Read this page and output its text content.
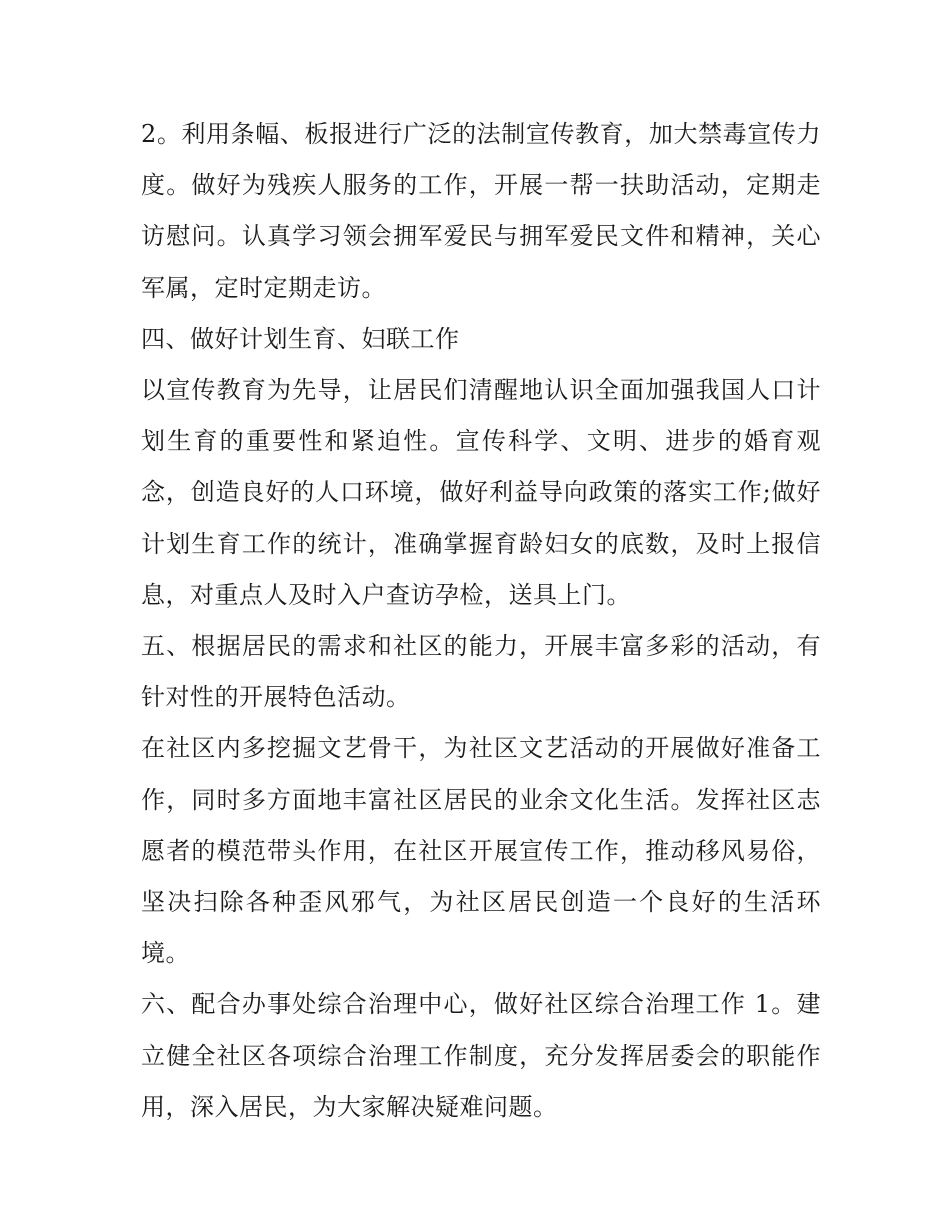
2。利用条幅、板报进行广泛的法制宣传教育，加大禁毒宣传力度。做好为残疾人服务的工作，开展一帮一扶助活动，定期走访慰问。认真学习领会拥军爱民与拥军爱民文件和精神，关心军属，定时定期走访。

四、做好计划生育、妇联工作

以宣传教育为先导，让居民们清醒地认识全面加强我国人口计划生育的重要性和紧迫性。宣传科学、文明、进步的婚育观念，创造良好的人口环境，做好利益导向政策的落实工作;做好计划生育工作的统计，准确掌握育龄妇女的底数，及时上报信息，对重点人及时入户查访孕检，送具上门。

五、根据居民的需求和社区的能力，开展丰富多彩的活动，有针对性的开展特色活动。

在社区内多挖掘文艺骨干，为社区文艺活动的开展做好准备工作，同时多方面地丰富社区居民的业余文化生活。发挥社区志愿者的模范带头作用，在社区开展宣传工作，推动移风易俗，坚决扫除各种歪风邪气，为社区居民创造一个良好的生活环境。

六、配合办事处综合治理中心，做好社区综合治理工作 1。建立健全社区各项综合治理工作制度，充分发挥居委会的职能作用，深入居民，为大家解决疑难问题。
